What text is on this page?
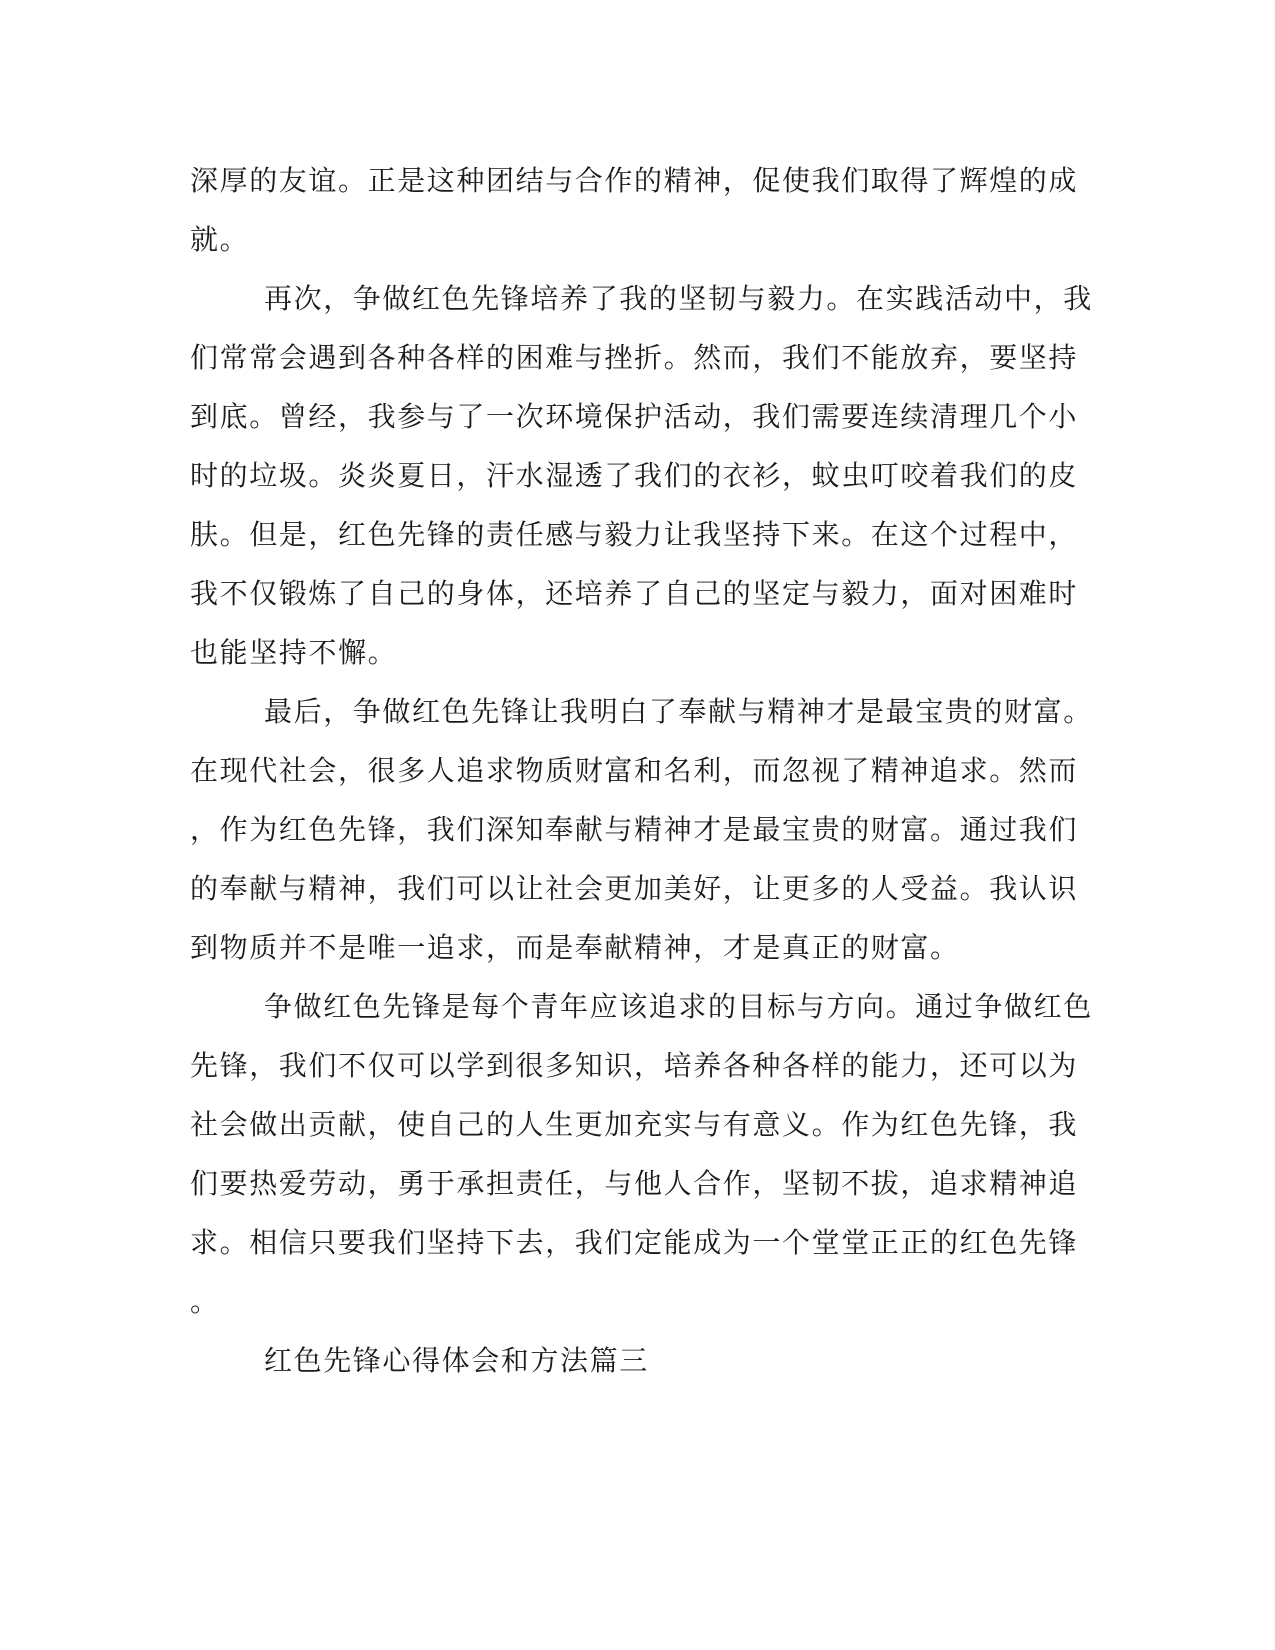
深厚的友谊。正是这种团结与合作的精神，促使我们取得了辉煌的成
就。
再次，争做红色先锋培养了我的坚韧与毅力。在实践活动中，我
们常常会遇到各种各样的困难与挫折。然而，我们不能放弃，要坚持
到底。曾经，我参与了一次环境保护活动，我们需要连续清理几个小
时的垃圾。炎炎夏日，汗水湿透了我们的衣衫，蚊虫叮咬着我们的皮
肤。但是，红色先锋的责任感与毅力让我坚持下来。在这个过程中，
我不仅锻炼了自己的身体，还培养了自己的坚定与毅力，面对困难时
也能坚持不懈。
最后，争做红色先锋让我明白了奉献与精神才是最宝贵的财富。
在现代社会，很多人追求物质财富和名利，而忽视了精神追求。然而
，作为红色先锋，我们深知奉献与精神才是最宝贵的财富。通过我们
的奉献与精神，我们可以让社会更加美好，让更多的人受益。我认识
到物质并不是唯一追求，而是奉献精神，才是真正的财富。
争做红色先锋是每个青年应该追求的目标与方向。通过争做红色
先锋，我们不仅可以学到很多知识，培养各种各样的能力，还可以为
社会做出贡献，使自己的人生更加充实与有意义。作为红色先锋，我
们要热爱劳动，勇于承担责任，与他人合作，坚韧不拔，追求精神追
求。相信只要我们坚持下去，我们定能成为一个堂堂正正的红色先锋
。
红色先锋心得体会和方法篇三
